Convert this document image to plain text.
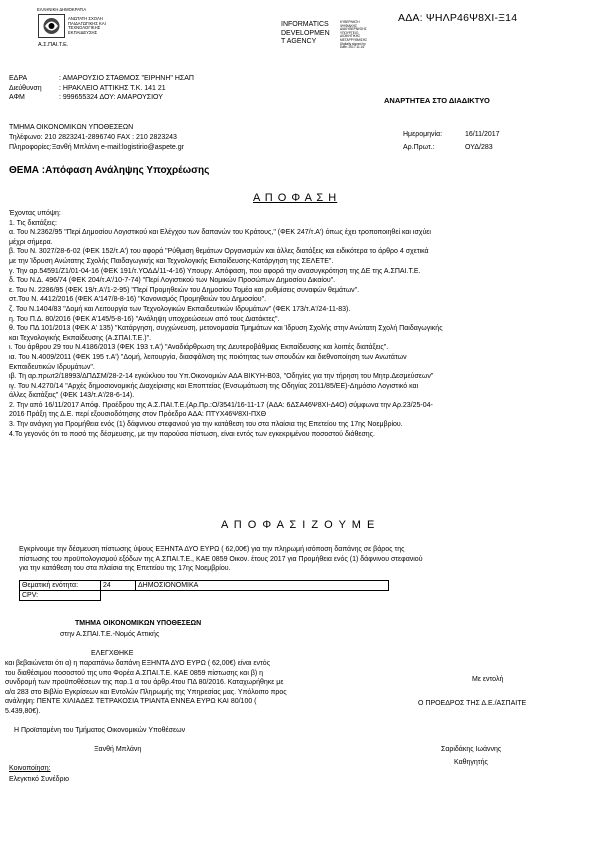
ΕΛΛΗΝΙΚΗ ΔΗΜΟΚΡΑΤΙΑ
ΑΝΩΤΑΤΗ ΣΧΟΛΗ
ΠΑΙΔΑΓΩΓΙΚΗΣ ΚΑΙ
ΤΕΧΝΟΛΟΓΙΚΗΣ
ΕΚΠΑΙΔΕΥΣΗΣ
Α.Σ.ΠΑΙ.Τ.Ε.
INFORMATICS
DEVELOPMEN
T AGENCY
ΚΥΒΕΡΝΗΣΗ
ΨΗΦΙΑΚΗΣ
ΔΙΑΚΥΒΕΡΝΗΣΗΣ
ΥΠΟΥΡΓΕΙΟ
ΔΙΟΙΚΗΤΙΚΗΣ
ΜΕΤΑΡΡΥΘΜΙΣΗΣ
Digitally signed by
Date: 2017.11.16
ΑΔΑ: ΨΗΛΡ46Ψ8ΧΙ-Ξ14
ΕΔΡΑ	: ΑΜΑΡΟΥΣΙΟ ΣΤΑΘΜΟΣ "ΕΙΡΗΝΗ" ΗΣΑΠ
Διεύθυνση : ΗΡΑΚΛΕΙΟ ΑΤΤΙΚΗΣ Τ.Κ. 141 21
ΑΦΜ	: 999655324 ΔΟΥ: ΑΜΑΡΟΥΣΙΟΥ	ΑΝΑΡΤΗΤΕΑ ΣΤΟ ΔΙΑΔΙΚΤΥΟ
ΤΜΗΜΑ ΟΙΚΟΝΟΜΙΚΩΝ ΥΠΟΘΕΣΕΩΝ
Τηλέφωνο: 210 2823241-2896740 FAX : 210 2823243
Πληροφορίες:Ξανθή Μπλάνη e-mail:logistirio@aspete.gr
Ημερομηνία:	16/11/2017
Αρ.Πρωτ.:	ΟΥΔ/283
ΘΕΜΑ :Απόφαση Ανάληψης Υποχρέωσης
Α Π Ο Φ Α Σ Η
Έχοντας υπόψη:
1. Τις διατάξεις:
α. Του Ν.2362/95 "Περί Δημοσίου Λογιστικού και Ελέγχου των δαπανών του Κράτους," (ΦΕΚ 247/τ.Α') όπως έχει τροποποιηθεί και ισχύει
μέχρι σήμερα.
β. Του Ν. 3027/28-6-02 (ΦΕΚ 152/τ.Α') του αφορά "Ρύθμιση θεμάτων Οργανισμών και άλλες διατάξεις και ειδικότερα το άρθρο 4 σχετικά
με την Ίδρυση Ανώτατης Σχολής Παιδαγωγικής και Τεχνολογικής Εκπαίδευσης-Κατάργηση της ΣΕΛΕΤΕ".
γ. Την αρ.54591/Ζ1/01-04-16 (ΦΕΚ 191/τ.ΥΟΔΔ/11-4-16) Υπουργ. Απόφαση, που αφορά την ανασυγκρότηση της ΔΕ της Α.ΣΠΑΙ.Τ.Ε.
δ. Του Ν.Δ. 496/74 (ΦΕΚ 204/τ.Α'/10-7-74) "Περί Λογιστικού των Νομικών Προσώπων Δημοσίου Δικαίου".
ε. Του Ν. 2286/95 (ΦΕΚ 19/τ.Α'/1-2-95) "Περί Προμηθειών του Δημοσίου Τομέα και ρυθμίσεις συναφών θεμάτων".
στ.Του Ν. 4412/2016 (ΦΕΚ Α'147/8-8-16) "Κανονισμός Προμηθειών του Δημοσίου".
ζ. Του Ν.1404/83 "Δομή και Λειτουργία των Τεχνολογικών Εκπαιδευτικών Ιδρυμάτων" (ΦΕΚ 173/τ.Α'/24-11-83).
η. Του Π.Δ. 80/2016 (ΦΕΚ Α'145/5-8-16) "Ανάληψη υποχρεώσεων από τους Διατάκτες".
θ. Του ΠΔ 101/2013 (ΦΕΚ Α' 135) "Κατάργηση, συγχώνευση, μετονομασία Τμημάτων και Ίδρυση Σχολής στην Ανώτατη Σχολή Παιδαγωγικής
και Τεχνολογικής Εκπαίδευσης (Α.ΣΠΑΙ.Τ.Ε.)".
ι. Του άρθρου 29 του Ν.4186/2013 (ΦΕΚ 193 τ.Α') "Αναδιάρθρωση της Δευτεροβάθμιας Εκπαίδευσης και λοιπές διατάξεις".
ια. Του Ν.4009/2011 (ΦΕΚ 195 τ.Α') "Δομή, λειτουργία, διασφάλιση της ποιότητας των σπουδών και διεθνοποίηση των Ανωτάτων
Εκπαιδευτικών Ιδρυμάτων".
ιβ. Τη αρ.πρωτ2/18993/ΔΠΔΣΜ/28-2-14 εγκύκλιου του Υπ.Οικονομιών ΑΔΑ ΒΙΚΥΗ-Β03, "Οδηγίες για την τήρηση του Μητρ.Δεσμεύσεων"
ιγ. Του Ν.4270/14 "Αρχές δημοσιονομικής Διαχείρισης και Εποπτείας (Ενσωμάτωση της Οδηγίας 2011/85/ΕΕ)-Δημόσιο Λογιστικό και
άλλες διατάξεις" (ΦΕΚ 143/τ.Α'/28-6-14).
2. Την από 16/11/2017 Απόφ. Προέδρου της Α.Σ.ΠΑΙ.Τ.Ε.(Αρ.Πρ.:Ο/3541/16-11-17 (ΑΔΑ: 6ΔΣΑ46Ψ8ΧΙ-Δ4Ο) σύμφωνα την Αρ.23/25-04-
2016 Πράξη της Δ.Ε. περί εξουσιοδότησης στον Πρόεδρο ΑΔΑ: ΠΤΥΧ46Ψ8ΧΙ-ΠΧΘ
3. Την ανάγκη για Προμήθεια ενός (1) δάφνινου στεφανιού για την κατάθεση του στα πλαίσια της Επετείου της 17ης Νοεμβρίου.
4.Το γεγονός ότι το ποσό της δέσμευσης, με την παρούσα πίστωση, είναι εντός των εγκεκριμένου ποσοστού διάθεσης.
Α Π Ο Φ Α Σ Ι Ζ Ο Υ Μ Ε
Εγκρίνουμε την δέσμευση πίστωσης ύψους ΕΞΗΝΤΑ ΔΥΟ ΕΥΡΩ ( 62,00€) για την πληρωμή ισόποση δαπάνης σε βάρος της
πίστωσης του προϋπολογισμού εξόδων της Α.ΣΠΑΙ.Τ.Ε., ΚΑΕ 0859 Οικον. έτους 2017 για Προμήθεια ενός (1) δάφνινου στεφανιού
για την κατάθεση του στα πλαίσια της Επετείου της 17ης Νοεμβρίου.
Θεματική ενότητα:	24	ΔΗΜΟΣΙΟΝΟΜΙΚΑ
CPV:		
ΤΜΗΜΑ ΟΙΚΟΝΟΜΙΚΩΝ ΥΠΟΘΕΣΕΩΝ
στην Α.ΣΠΑΙ.Τ.Ε.-Νομός Αττικής
ΕΛΕΓΧΘΗΚΕ
και βεβαιώνεται ότι α) η παραπάνω δαπάνη ΕΞΗΝΤΑ ΔΥΟ ΕΥΡΩ ( 62,00€) είναι εντός
του διαθέσιμου ποσοστού της υπο Φορέα Α.ΣΠΑΙ.Τ.Ε. ΚΑΕ 0859 πίστωσης και β) η
συνδρομή των προϋποθέσεων της παρ.1 α του άρθρ.4του ΠΔ 80/2016. Καταχωρήθηκε με
α/α 283 στο Βιβλίο Εγκρίσεων και Εντολών Πληρωμής της Υπηρεσίας μας. Υπόλοιπο προς
ανάληψη: ΠΕΝΤΕ ΧΙΛΙΑΔΕΣ ΤΕΤΡΑΚΟΣΙΑ ΤΡΙΑΝΤΑ ΕΝΝΕΑ ΕΥΡΩ ΚΑΙ 80/100 (
5.439,80€).
Η Προϊσταμένη του Τμήματος Οικονομικών Υποθέσεων
Ξανθή Μπλάνη
Κοινοποίηση:
Ελεγκτικό Συνέδριο
Με εντολή
Ο ΠΡΟΕΔΡΟΣ ΤΗΣ Δ.Ε./ΑΣΠΑΙΤΕ
Σαριδάκης Ιωάννης
Καθηγητής
